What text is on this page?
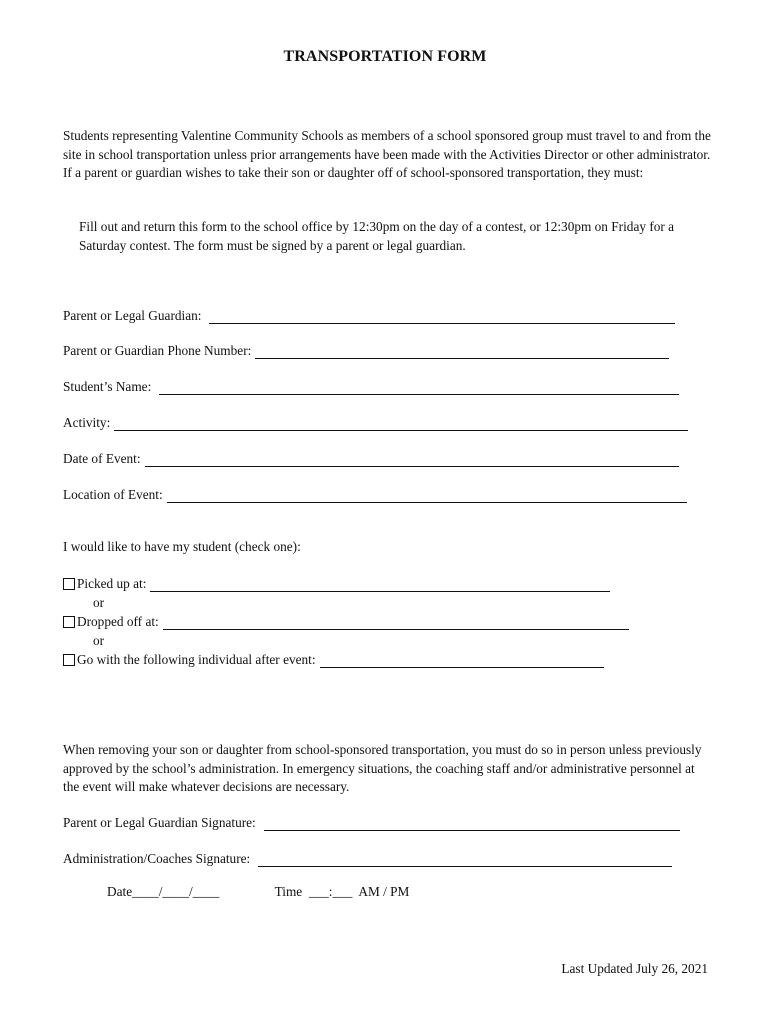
TRANSPORTATION FORM
Students representing Valentine Community Schools as members of a school sponsored group must travel to and from the site in school transportation unless prior arrangements have been made with the Activities Director or other administrator. If a parent or guardian wishes to take their son or daughter off of school-sponsored transportation, they must:
Fill out and return this form to the school office by 12:30pm on the day of a contest, or 12:30pm on Friday for a Saturday contest. The form must be signed by a parent or legal guardian.
Parent or Legal Guardian:
Parent or Guardian Phone Number:
Student’s Name:
Activity:
Date of Event:
Location of Event:
I would like to have my student (check one):
Picked up at:
or
Dropped off at:
or
Go with the following individual after event:
When removing your son or daughter from school-sponsored transportation, you must do so in person unless previously approved by the school’s administration. In emergency situations, the coaching staff and/or administrative personnel at the event will make whatever decisions are necessary.
Parent or Legal Guardian Signature:
Administration/Coaches Signature:
Date____/____/____	Time  ___:___  AM / PM
Last Updated July 26, 2021
